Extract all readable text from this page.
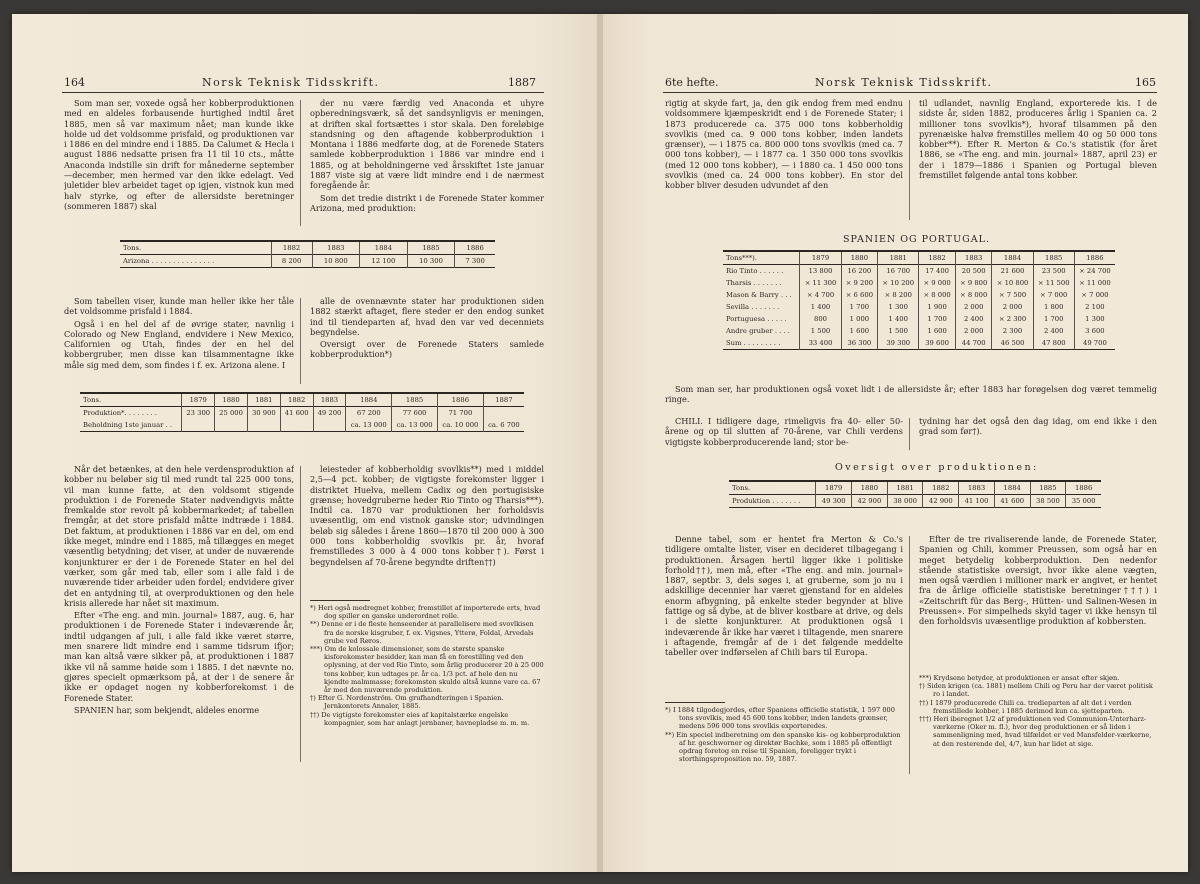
164	Norsk Teknisk Tidsskrift.	1887

Som man ser, voxede også her kobberproduktionen med en aldeles forbausende hurtighed indtil året 1885, men så var maximum nået; man kunde ikke holde ud det voldsomme prisfald, og produktionen var i 1886 en del mindre end i 1885. Da Calumet & Hecla i august 1886 nedsatte prisen fra 11 til 10 cts., måtte Anaconda indstille sin drift for månederne september—december, men hermed var den ikke edelagt. Ved juletider blev arbeidet taget op igjen, vistnok kun med halv styrke, og efter de allersidste beretninger (sommeren 1887) skal

der nu være færdig ved Anaconda et uhyre opberedningsværk, så det sandsynligvis er meningen, at driften skal fortsættes i stor skala. Den foreløbige standsning og den aftagende kobberproduktion i Montana i 1886 medførte dog, at de Forenede Staters samlede kobberproduktion i 1886 var mindre end i 1885, og at beholdningerne ved årsskiftet 1ste januar 1887 viste sig at være lidt mindre end i de nærmest foregående år.

Som det tredie distrikt i de Forenede Stater kommer Arizona, med produktion:

Tons.	1882	1883	1884	1885	1886
Arizona . . . . . . . . . . . . . . .	8 200	10 800	12 100	10 300	7 300

Som tabellen viser, kunde man heller ikke her tåle det voldsomme prisfald i 1884.

Også i en hel del af de øvrige stater, navnlig i Colorado og New England, endvidere i New Mexico, Californien og Utah, findes der en hel del kobbergruber, men disse kan tilsammentagne ikke måle sig med dem, som findes i f. ex. Arizona alene. I

alle de ovennævnte stater har produktionen siden 1882 stærkt aftaget, flere steder er den endog sunket ind til tiendeparten af, hvad den var ved decenniets begyndelse.

Oversigt over de Forenede Staters samlede kobberproduktion*)

Tons.	1879	1880	1881	1882	1883	1884	1885	1886	1887
Produktion*. . . . . . . .	23 300	25 000	30 900	41 600	49 200	67 200	77 600	71 700	
Beholdning 1ste januar . .						ca. 13 000	ca. 13 000	ca. 10 000	ca. 6 700

Når det betænkes, at den hele verdensproduktion af kobber nu beløber sig til med rundt tal 225 000 tons, vil man kunne fatte, at den voldsomt stigende produktion i de Forenede Stater nødvendigvis måtte fremkalde stor revolt på kobbermarkedet; af tabellen fremgår, at det store prisfald måtte indtræde i 1884. Det faktum, at produktionen i 1886 var en del, om end ikke meget, mindre end i 1885, må tillægges en meget væsentlig betydning; det viser, at under de nuværende konjunkturer er der i de Forenede Stater en hel del værker, som går med tab, eller som i alle fald i de nuværende tider arbeider uden fordel; endvidere giver det en antydning til, at overproduktionen og den hele krisis allerede har nået sit maximum.

Efter «The eng. and min. journal» 1887, aug. 6, har produktionen i de Forenede Stater i indeværende år, indtil udgangen af juli, i alle fald ikke været større, men snarere lidt mindre end i samme tidsrum ifjor; man kan altså være sikker på, at produktionen i 1887 ikke vil nå samme høide som i 1885. I det nævnte no. gjøres specielt opmærksom på, at der i de senere år ikke er opdaget nogen ny kobberforekomst i de Forenede Stater.

SPANIEN har, som bekjendt, aldeles enorme

leiesteder af kobberholdig svovlkis**) med i middel 2,5—4 pct. kobber; de vigtigste forekomster ligger i distriktet Huelva, mellem Cadix og den portugisiske grænse; hovedgruberne heder Rio Tinto og Tharsis***). Indtil ca. 1870 var produktionen her forholdsvis uvæsentlig, om end vistnok ganske stor; udvindingen beløb sig således i årene 1860—1870 til 200 000 à 300 000 tons kobberholdig svovlkis pr. år, hvoraf fremstilledes 3 000 à 4 000 tons kobber†). Først i begyndelsen af 70-årene begyndte driften††)

*) Heri også medregnet kobber, fremstillet af importerede erts, hvad dog spiller en ganske underordnet rolle.

**) Denne er i de fleste henseender at parallelisere med svovlkisen fra de norske kisgruber, f. ex. Vigsnes, Ytterø, Foldal, Arvedals grube ved Røros.

***) Om de kolossale dimensioner, som de største spanske kisforekomster besidder, kan man få en forestilling ved den oplysning, at der ved Rio Tinto, som årlig producerer 20 à 25 000 tons kobber, kun udtages pr. år ca. 1/3 pct. af hele den nu kjendte malmmasse; forekomsten skulde altså kunne vare ca. 67 år med den nuværende produktion.

†) Efter G. Nordenström. Om grufhandteringen i Spanien. Jernkontorets Annaler, 1885.

††) De vigtigste forekomster eies af kapitalstærke engelske kompagnier, som har anlagt jernbaner, havnepladse m. m. m.

6te hefte.	Norsk Teknisk Tidsskrift.	165

rigtig at skyde fart, ja, den gik endog frem med endnu voldsommere kjæmpeskridt end i de Forenede Stater; i 1873 producerede ca. 375 000 tons kobberholdig svovlkis (med ca. 9 000 tons kobber, inden landets grænser), — i 1875 ca. 800 000 tons svovlkis (med ca. 7 000 tons kobber), — i 1877 ca. 1 350 000 tons svovlkis (med 12 000 tons kobber), — i 1880 ca. 1 450 000 tons svovlkis (med ca. 24 000 tons kobber). En stor del kobber bliver desuden udvundet af den

til udlandet, navnlig England, exporterede kis. I de sidste år, siden 1882, produceres årlig i Spanien ca. 2 millioner tons svovlkis*), hvoraf tilsammen på den pyrenæiske halvø fremstilles mellem 40 og 50 000 tons kobber**). Efter R. Merton & Co.'s statistik (for året 1886, se «The eng. and min. journal» 1887, april 23) er der i 1879—1886 i Spanien og Portugal bleven fremstillet følgende antal tons kobber.

SPANIEN OG PORTUGAL.
Tons***).	1879	1880	1881	1882	1883	1884	1885	1886
Rio Tinto . . . . . .	13 800	16 200	16 700	17 400	20 500	21 600	23 500	× 24 700
Tharsis . . . . . . .	× 11 300	× 9 200	× 10 200	× 9 000	× 9 800	× 10 800	× 11 500	× 11 000
Mason & Barry . . .	× 4 700	× 6 600	× 8 200	× 8 000	× 8 000	× 7 500	× 7 000	× 7 000
Sevilla . . . . . . .	1 400	1 700	1 300	1 900	2 000	2 000	1 800	2 100
Portuguesa . . . . .	800	1 000	1 400	1 700	2 400	× 2 300	1 700	1 300
Andre gruber . . . .	1 500	1 600	1 500	1 600	2 000	2 300	2 400	3 600
Sum . . . . . . . . .	33 400	36 300	39 300	39 600	44 700	46 500	47 800	49 700

Som man ser, har produktionen også voxet lidt i de allersidste år; efter 1883 har forøgelsen dog været temmelig ringe.

CHILI. I tidligere dage, rimeligvis fra 40- eller 50-årene og op til slutten af 70-årene, var Chili verdens vigtigste kobberproducerende land; stor be-

tydning har det også den dag idag, om end ikke i den grad som før†).

Oversigt over produktionen:
Tons.	1879	1880	1881	1882	1883	1884	1885	1886
Produktion . . . . . . .	49 300	42 900	38 000	42 900	41 100	41 600	38 500	35 000

Denne tabel, som er hentet fra Merton & Co.'s tidligere omtalte lister, viser en decideret tilbagegang i produktionen. Årsagen hertil ligger ikke i politiske forhold††), men må, efter «The eng. and min. journal» 1887, septbr. 3, dels søges i, at gruberne, som jo nu i adskillige decennier har været gjenstand for en aldeles enorm afbygning, på enkelte steder begynder at blive fattige og så dybe, at de bliver kostbare at drive, og dels i de slette konjunkturer. At produktionen også i indeværende år ikke har været i tiltagende, men snarere i aftagende, fremgår af de i det følgende meddelte tabeller over indførselen af Chili bars til Europa.

Efter de tre rivaliserende lande, de Forenede Stater, Spanien og Chili, kommer Preussen, som også har en meget betydelig kobberproduktion. Den nedenfor stående statistiske oversigt, hvor ikke alene vægten, men også værdien i millioner mark er angivet, er hentet fra de årlige officielle statistiske beretninger†††) i «Zeitschrift für das Berg-, Hütten- und Salinen-Wesen in Preussen». For simpelheds skyld tager vi ikke hensyn til den forholdsvis uvæsentlige produktion af kobbersten.

*) I 1884 tilgodegjordes, efter Spaniens officielle statistik, 1 597 000 tons svovlkis, med 45 600 tons kobber, inden landets grænser, medens 596 000 tons svovlkis exporteredes.

**) Ein speciel indberetning om den spanske kis- og kobberproduktion af hr. geschworner og direktør Bachke, som i 1885 på offentligt opdrag foretog en reise til Spanien, foreligger trykt i storthingsproposition no. 59, 1887.

***) Krydsene betyder, at produktionen er ansat efter skjøn.

†) Siden krigen (ca. 1881) mellem Chili og Peru har der været politisk ro i landet.

††) I 1879 producerede Chili ca. tredieparten af alt det i verden fremstillede kobber, i 1885 derimod kun ca. sjetteparten.

†††) Heri iberegnet 1/2 af produktionen ved Communion-Unterharz-værkerne (Oker m. fl.), hvor deg produktionen er så liden i sammenligning med, hvad tilfældet er ved Mansfelder-værkerne, at den resterende del, 4/7, kun har lidet at sige.
